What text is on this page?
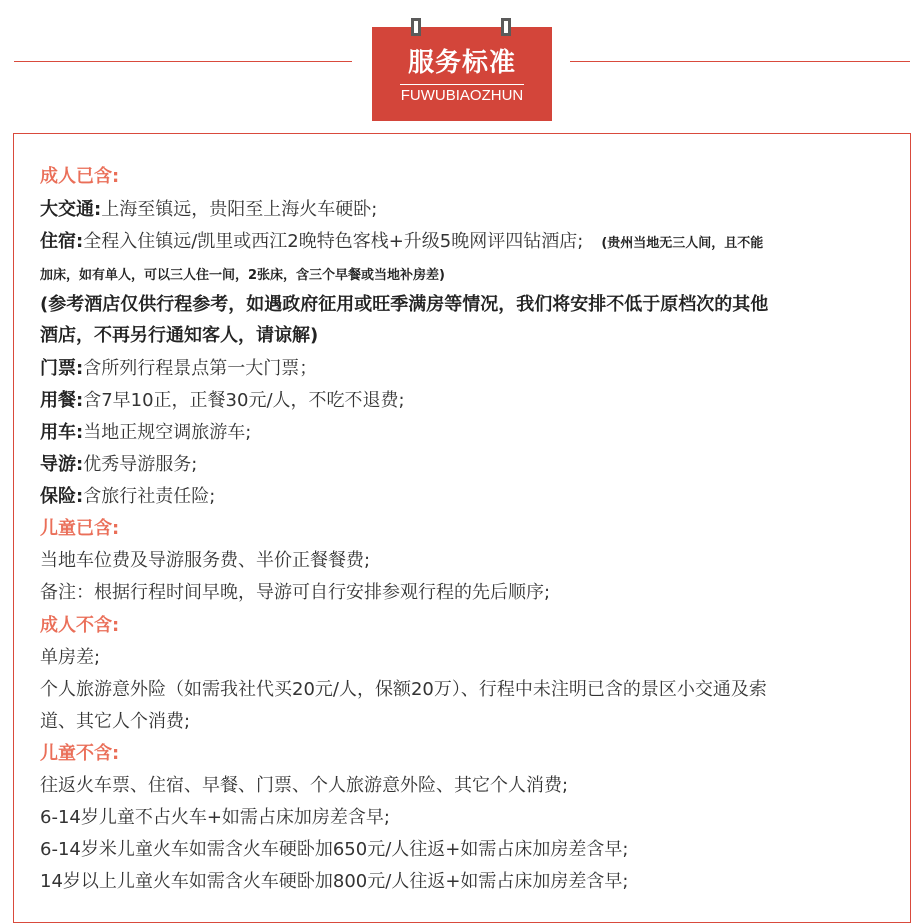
服务标准
FUWUBIAOZHUN
成人已含:
大交通:上海至镇远，贵阳至上海火车硬卧;
住宿:全程入住镇远/凯里或西江2晚特色客栈+升级5晚网评四钻酒店; (贵州当地无三人间，且不能
加床，如有单人，可以三人住一间，2张床，含三个早餐或当地补房差)
(参考酒店仅供行程参考，如遇政府征用或旺季满房等情况，我们将安排不低于原档次的其他
酒店，不再另行通知客人，请谅解)
门票:含所列行程景点第一大门票；
用餐:含7早10正，正餐30元/人，不吃不退费;
用车:当地正规空调旅游车;
导游:优秀导游服务;
保险:含旅行社责任险;
儿童已含:
当地车位费及导游服务费、半价正餐餐费;
备注：根据行程时间早晚，导游可自行安排参观行程的先后顺序;
成人不含:
单房差;
个人旅游意外险（如需我社代买20元/人，保额20万）、行程中未注明已含的景区小交通及索
道、其它人个消费;
儿童不含:
往返火车票、住宿、早餐、门票、个人旅游意外险、其它个人消费;
6-14岁儿童不占火车+如需占床加房差含早;
6-14岁米儿童火车如需含火车硬卧加650元/人往返+如需占床加房差含早;
14岁以上儿童火车如需含火车硬卧加800元/人往返+如需占床加房差含早;
